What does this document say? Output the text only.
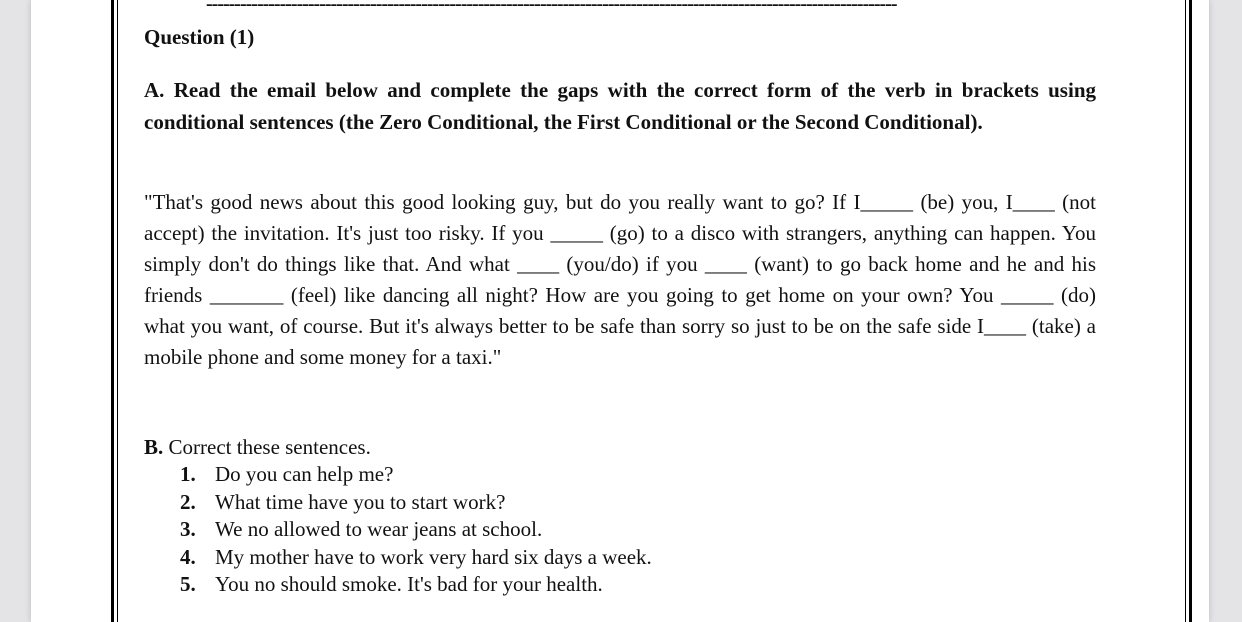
--------------------------------------------------------------------------------------------------------------------------
Question (1)

A. Read the email below and complete the gaps with the correct form of the verb in brackets using conditional sentences (the Zero Conditional, the First Conditional or the Second Conditional).

"That's good news about this good looking guy, but do you really want to go? If I_____ (be) you, I____ (not accept) the invitation. It's just too risky. If you _____ (go) to a disco with strangers, anything can happen. You simply don't do things like that. And what ____ (you/do) if you ____ (want) to go back home and he and his friends _______ (feel) like dancing all night? How are you going to get home on your own? You _____ (do) what you want, of course. But it's always better to be safe than sorry so just to be on the safe side I____ (take) a mobile phone and some money for a taxi."

B. Correct these sentences.
1. Do you can help me?
2. What time have you to start work?
3. We no allowed to wear jeans at school.
4. My mother have to work very hard six days a week.
5. You no should smoke. It's bad for your health.
